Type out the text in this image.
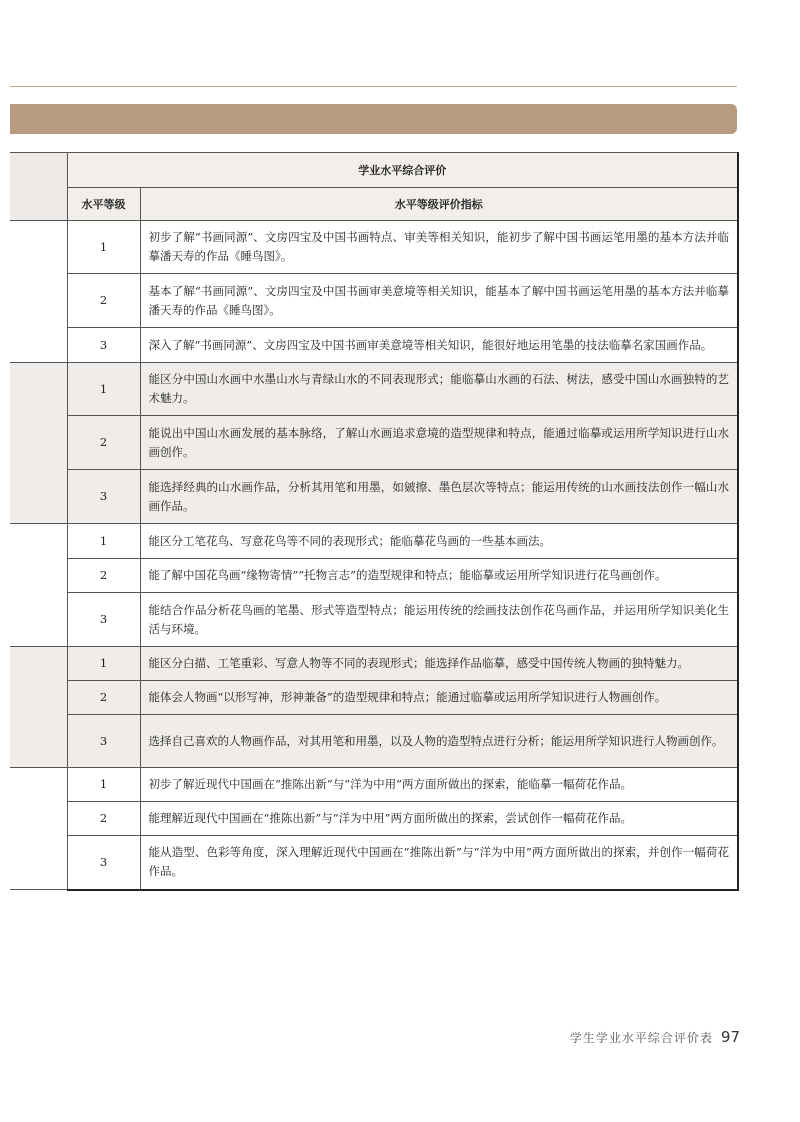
	学业水平综合评价	
	水平等级	水平等级评价指标
	1	初步了解“书画同源”、文房四宝及中国书画特点、审美等相关知识，能初步了解中国书画运笔用墨的基本方法并临摹潘天寿的作品《睡鸟图》。
	2	基本了解“书画同源”、文房四宝及中国书画审美意境等相关知识，能基本了解中国书画运笔用墨的基本方法并临摹潘天寿的作品《睡鸟图》。
	3	深入了解“书画同源”、文房四宝及中国书画审美意境等相关知识，能很好地运用笔墨的技法临摹名家国画作品。
	1	能区分中国山水画中水墨山水与青绿山水的不同表现形式；能临摹山水画的石法、树法，感受中国山水画独特的艺术魅力。
	2	能说出中国山水画发展的基本脉络，了解山水画追求意境的造型规律和特点，能通过临摹或运用所学知识进行山水画创作。
	3	能选择经典的山水画作品，分析其用笔和用墨，如皴擦、墨色层次等特点；能运用传统的山水画技法创作一幅山水画作品。
	1	能区分工笔花鸟、写意花鸟等不同的表现形式；能临摹花鸟画的一些基本画法。
	2	能了解中国花鸟画“缘物寄情”“托物言志”的造型规律和特点；能临摹或运用所学知识进行花鸟画创作。
	3	能结合作品分析花鸟画的笔墨、形式等造型特点；能运用传统的绘画技法创作花鸟画作品，并运用所学知识美化生活与环境。
	1	能区分白描、工笔重彩、写意人物等不同的表现形式；能选择作品临摹，感受中国传统人物画的独特魅力。
	2	能体会人物画“以形写神，形神兼备”的造型规律和特点；能通过临摹或运用所学知识进行人物画创作。
	3	选择自己喜欢的人物画作品，对其用笔和用墨，以及人物的造型特点进行分析；能运用所学知识进行人物画创作。
	1	初步了解近现代中国画在“推陈出新”与“洋为中用”两方面所做出的探索，能临摹一幅荷花作品。
	2	能理解近现代中国画在“推陈出新”与“洋为中用”两方面所做出的探索，尝试创作一幅荷花作品。
	3	能从造型、色彩等角度，深入理解近现代中国画在“推陈出新”与“洋为中用”两方面所做出的探索，并创作一幅荷花作品。
学生学业水平综合评价表 97
